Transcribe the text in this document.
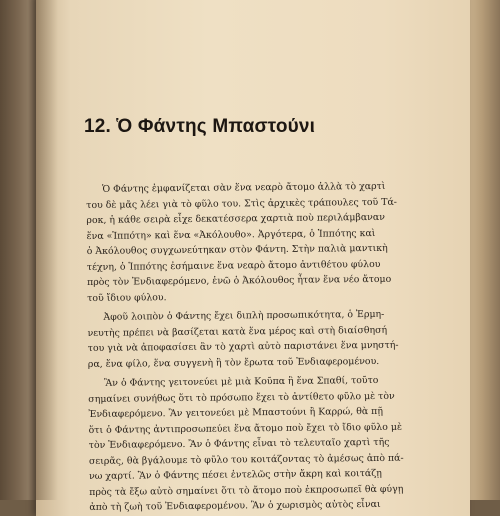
12. Ὁ Φάντης Μπαστούνι
Ὁ Φάντης ἐμφανίζεται σὰν ἕνα νεαρὸ ἄτομο ἀλλὰ τὸ χαρτὶ
του δὲ μᾶς λέει γιὰ τὸ φῦλο του. Στὶς ἀρχικὲς τράπουλες τοῦ Τά-
ροκ, ἡ κάθε σειρὰ εἶχε δεκατέσσερα χαρτιὰ ποὺ περιλάμβαναν
ἕνα «Ἱππότη» καὶ ἕνα «Ἀκόλουθο». Ἀργότερα, ὁ Ἱππότης καὶ
ὁ Ἀκόλουθος συγχωνεύτηκαν στὸν Φάντη. Στὴν παλιὰ μαντικὴ
τέχνη, ὁ Ἱππότης ἐσήμαινε ἕνα νεαρὸ ἄτομο ἀντιθέτου φύλου
πρὸς τὸν Ἐνδιαφερόμενο, ἐνῶ ὁ Ἀκόλουθος ἦταν ἕνα νέο ἄτομο
τοῦ ἴδιου φύλου.
Ἀφοῦ λοιπὸν ὁ Φάντης ἔχει διπλὴ προσωπικότητα, ὁ Ἑρμη-
νευτὴς πρέπει νὰ βασίζεται κατὰ ἕνα μέρος καὶ στὴ διαίσθησή
του γιὰ νὰ ἀποφασίσει ἂν τὸ χαρτὶ αὐτὸ παριστάνει ἕνα μνηστή-
ρα, ἕνα φίλο, ἕνα συγγενὴ ἢ τὸν ἔρωτα τοῦ Ἐνδιαφερομένου.
Ἂν ὁ Φάντης γειτονεύει μὲ μιὰ Κοῦπα ἢ ἕνα Σπαθί, τοῦτο
σημαίνει συνήθως ὅτι τὸ πρόσωπο ἔχει τὸ ἀντίθετο φῦλο μὲ τὸν
Ἐνδιαφερόμενο. Ἂν γειτονεύει μὲ Μπαστούνι ἢ Καρρώ, θὰ πῇ
ὅτι ὁ Φάντης ἀντιπροσωπεύει ἕνα ἄτομο ποὺ ἔχει τὸ ἴδιο φῦλο μὲ
τὸν Ἐνδιαφερόμενο. Ἂν ὁ Φάντης εἶναι τὸ τελευταῖο χαρτὶ τῆς
σειρᾶς, θὰ βγάλουμε τὸ φῦλο του κοιτάζοντας τὸ ἀμέσως ἀπὸ πά-
νω χαρτί. Ἂν ὁ Φάντης πέσει ἐντελῶς στὴν ἄκρη καὶ κοιτάζῃ
πρὸς τὰ ἔξω αὐτὸ σημαίνει ὅτι τὸ ἄτομο ποὺ ἐκπροσωπεῖ θὰ φύγῃ
ἀπὸ τὴ ζωὴ τοῦ Ἐνδιαφερομένου. Ἂν ὁ χωρισμὸς αὐτὸς εἶναι
